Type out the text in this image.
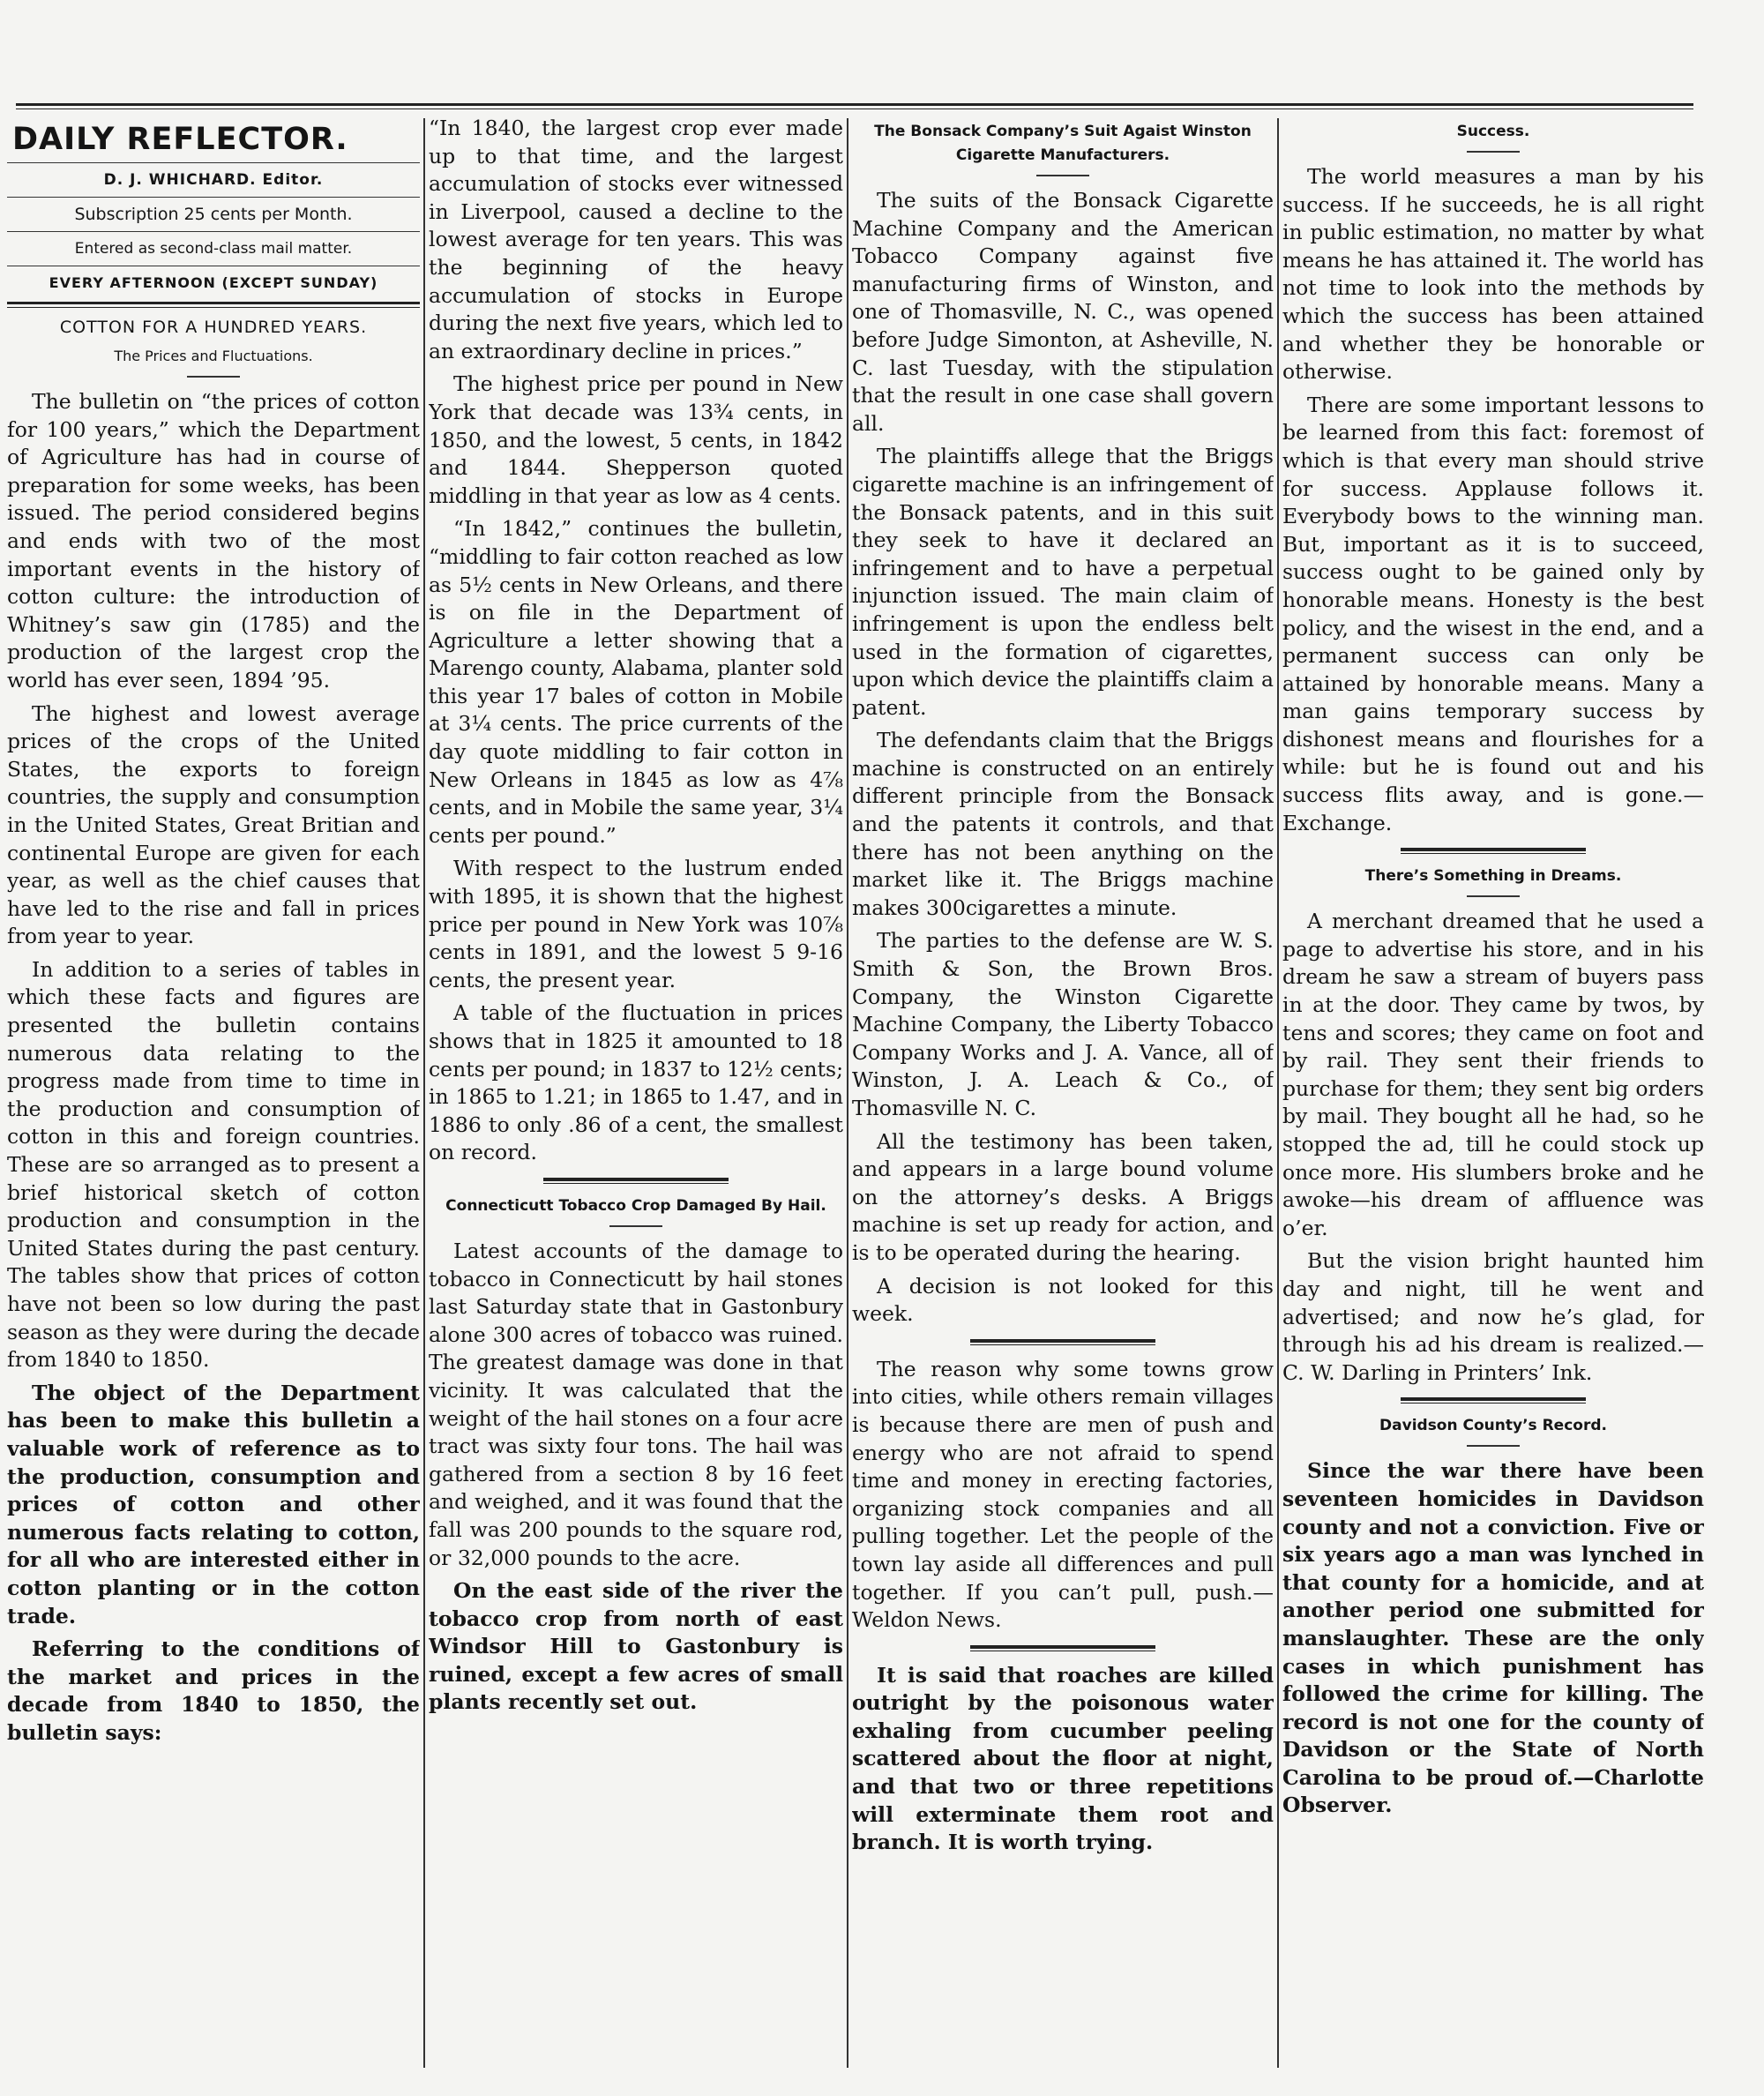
DAILY REFLECTOR.
D. J. WHICHARD. Editor.
Subscription 25 cents per Month.
Entered as second-class mail matter.
EVERY AFTERNOON (EXCEPT SUNDAY)
COTTON FOR A HUNDRED YEARS.
The Prices and Fluctuations.

The bulletin on “the prices of cotton for 100 years,” which the Department of Agriculture has had in course of preparation for some weeks, has been issued. The period considered begins and ends with two of the most important events in the history of cotton culture: the introduction of Whitney’s saw gin (1785) and the production of the largest crop the world has ever seen, 1894 ’95.

The highest and lowest average prices of the crops of the United States, the exports to foreign countries, the supply and consumption in the United States, Great Britian and continental Europe are given for each year, as well as the chief causes that have led to the rise and fall in prices from year to year.

In addition to a series of tables in which these facts and figures are presented the bulletin contains numerous data relating to the progress made from time to time in the production and consumption of cotton in this and foreign countries. These are so arranged as to present a brief historical sketch of cotton production and consumption in the United States during the past century. The tables show that prices of cotton have not been so low during the past season as they were during the decade from 1840 to 1850.

The object of the Department has been to make this bulletin a valuable work of reference as to the production, consumption and prices of cotton and other numerous facts relating to cotton, for all who are interested either in cotton planting or in the cotton trade.

Referring to the conditions of the market and prices in the decade from 1840 to 1850, the bulletin says:

“In 1840, the largest crop ever made up to that time, and the largest accumulation of stocks ever witnessed in Liverpool, caused a decline to the lowest average for ten years. This was the beginning of the heavy accumulation of stocks in Europe during the next five years, which led to an extraordinary decline in prices.”

The highest price per pound in New York that decade was 13¾ cents, in 1850, and the lowest, 5 cents, in 1842 and 1844. Shepperson quoted middling in that year as low as 4 cents.

“In 1842,” continues the bulletin, “middling to fair cotton reached as low as 5½ cents in New Orleans, and there is on file in the Department of Agriculture a letter showing that a Marengo county, Alabama, planter sold this year 17 bales of cotton in Mobile at 3¼ cents. The price currents of the day quote middling to fair cotton in New Orleans in 1845 as low as 4⅞ cents, and in Mobile the same year, 3¼ cents per pound.”

With respect to the lustrum ended with 1895, it is shown that the highest price per pound in New York was 10⅞ cents in 1891, and the lowest 5 9-16 cents, the present year.

A table of the fluctuation in prices shows that in 1825 it amounted to 18 cents per pound; in 1837 to 12½ cents; in 1865 to 1.21; in 1865 to 1.47, and in 1886 to only .86 of a cent, the smallest on record.

Connecticutt Tobacco Crop Damaged By Hail.

Latest accounts of the damage to tobacco in Connecticutt by hail stones last Saturday state that in Gastonbury alone 300 acres of tobacco was ruined. The greatest damage was done in that vicinity. It was calculated that the weight of the hail stones on a four acre tract was sixty four tons. The hail was gathered from a section 8 by 16 feet and weighed, and it was found that the fall was 200 pounds to the square rod, or 32,000 pounds to the acre.

On the east side of the river the tobacco crop from north of east Windsor Hill to Gastonbury is ruined, except a few acres of small plants recently set out.

The Bonsack Company’s Suit Agaist Winston Cigarette Manufacturers.

The suits of the Bonsack Cigarette Machine Company and the American Tobacco Company against five manufacturing firms of Winston, and one of Thomasville, N. C., was opened before Judge Simonton, at Asheville, N. C. last Tuesday, with the stipulation that the result in one case shall govern all.

The plaintiffs allege that the Briggs cigarette machine is an infringement of the Bonsack patents, and in this suit they seek to have it declared an infringement and to have a perpetual injunction issued. The main claim of infringement is upon the endless belt used in the formation of cigarettes, upon which device the plaintiffs claim a patent.

The defendants claim that the Briggs machine is constructed on an entirely different principle from the Bonsack and the patents it controls, and that there has not been anything on the market like it. The Briggs machine makes 300cigarettes a minute.

The parties to the defense are W. S. Smith & Son, the Brown Bros. Company, the Winston Cigarette Machine Company, the Liberty Tobacco Company Works and J. A. Vance, all of Winston, J. A. Leach & Co., of Thomasville N. C.

All the testimony has been taken, and appears in a large bound volume on the attorney’s desks. A Briggs machine is set up ready for action, and is to be operated during the hearing.

A decision is not looked for this week.

The reason why some towns grow into cities, while others remain villages is because there are men of push and energy who are not afraid to spend time and money in erecting factories, organizing stock companies and all pulling together. Let the people of the town lay aside all differences and pull together. If you can’t pull, push.—Weldon News.

It is said that roaches are killed outright by the poisonous water exhaling from cucumber peeling scattered about the floor at night, and that two or three repetitions will exterminate them root and branch. It is worth trying.

Success.

The world measures a man by his success. If he succeeds, he is all right in public estimation, no matter by what means he has attained it. The world has not time to look into the methods by which the success has been attained and whether they be honorable or otherwise.

There are some important lessons to be learned from this fact: foremost of which is that every man should strive for success. Applause follows it. Everybody bows to the winning man. But, important as it is to succeed, success ought to be gained only by honorable means. Honesty is the best policy, and the wisest in the end, and a permanent success can only be attained by honorable means. Many a man gains temporary success by dishonest means and flourishes for a while: but he is found out and his success flits away, and is gone.—Exchange.

There’s Something in Dreams.

A merchant dreamed that he used a page to advertise his store, and in his dream he saw a stream of buyers pass in at the door. They came by twos, by tens and scores; they came on foot and by rail. They sent their friends to purchase for them; they sent big orders by mail. They bought all he had, so he stopped the ad, till he could stock up once more. His slumbers broke and he awoke—his dream of affluence was o’er.

But the vision bright haunted him day and night, till he went and advertised; and now he’s glad, for through his ad his dream is realized.—C. W. Darling in Printers’ Ink.

Davidson County’s Record.

Since the war there have been seventeen homicides in Davidson county and not a conviction. Five or six years ago a man was lynched in that county for a homicide, and at another period one submitted for manslaughter. These are the only cases in which punishment has followed the crime for killing. The record is not one for the county of Davidson or the State of North Carolina to be proud of.—Charlotte Observer.
